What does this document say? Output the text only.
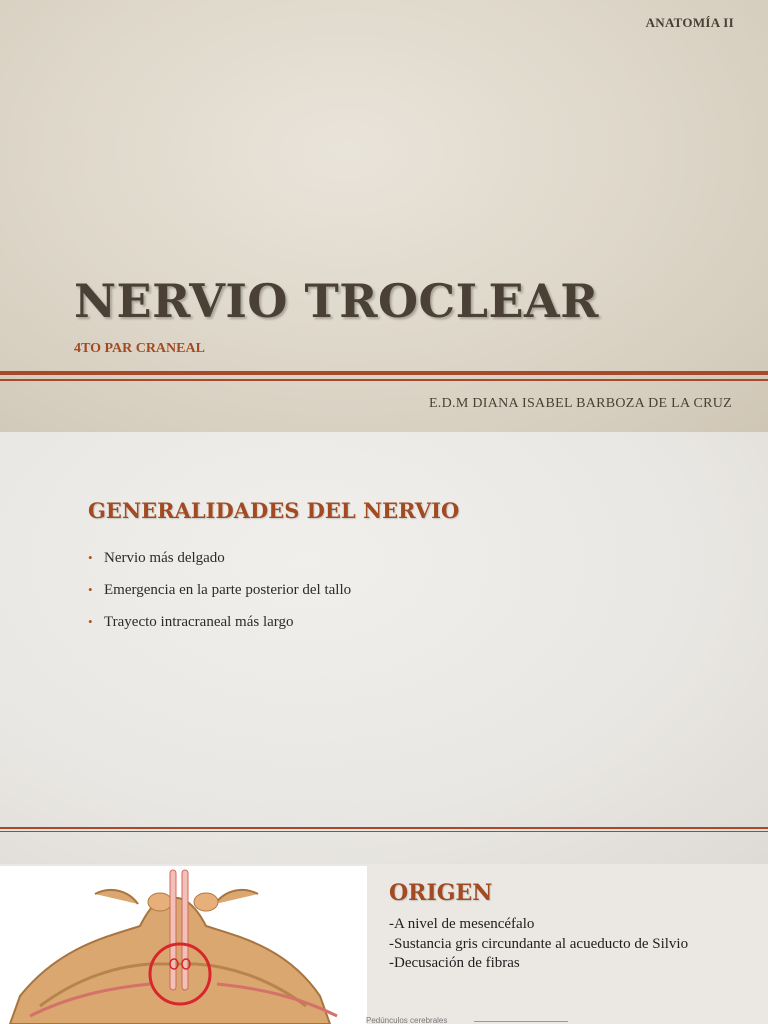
ANATOMÍA II
NERVIO TROCLEAR
4TO PAR CRANEAL
E.D.M DIANA ISABEL BARBOZA DE LA CRUZ
GENERALIDADES DEL NERVIO
• Nervio más delgado
• Emergencia en la parte posterior del tallo
• Trayecto intracraneal más largo
ORIGEN
-A nivel de mesencéfalo
-Sustancia gris circundante al acueducto de Silvio
-Decusación de fibras
Pedúnculos cerebrales
